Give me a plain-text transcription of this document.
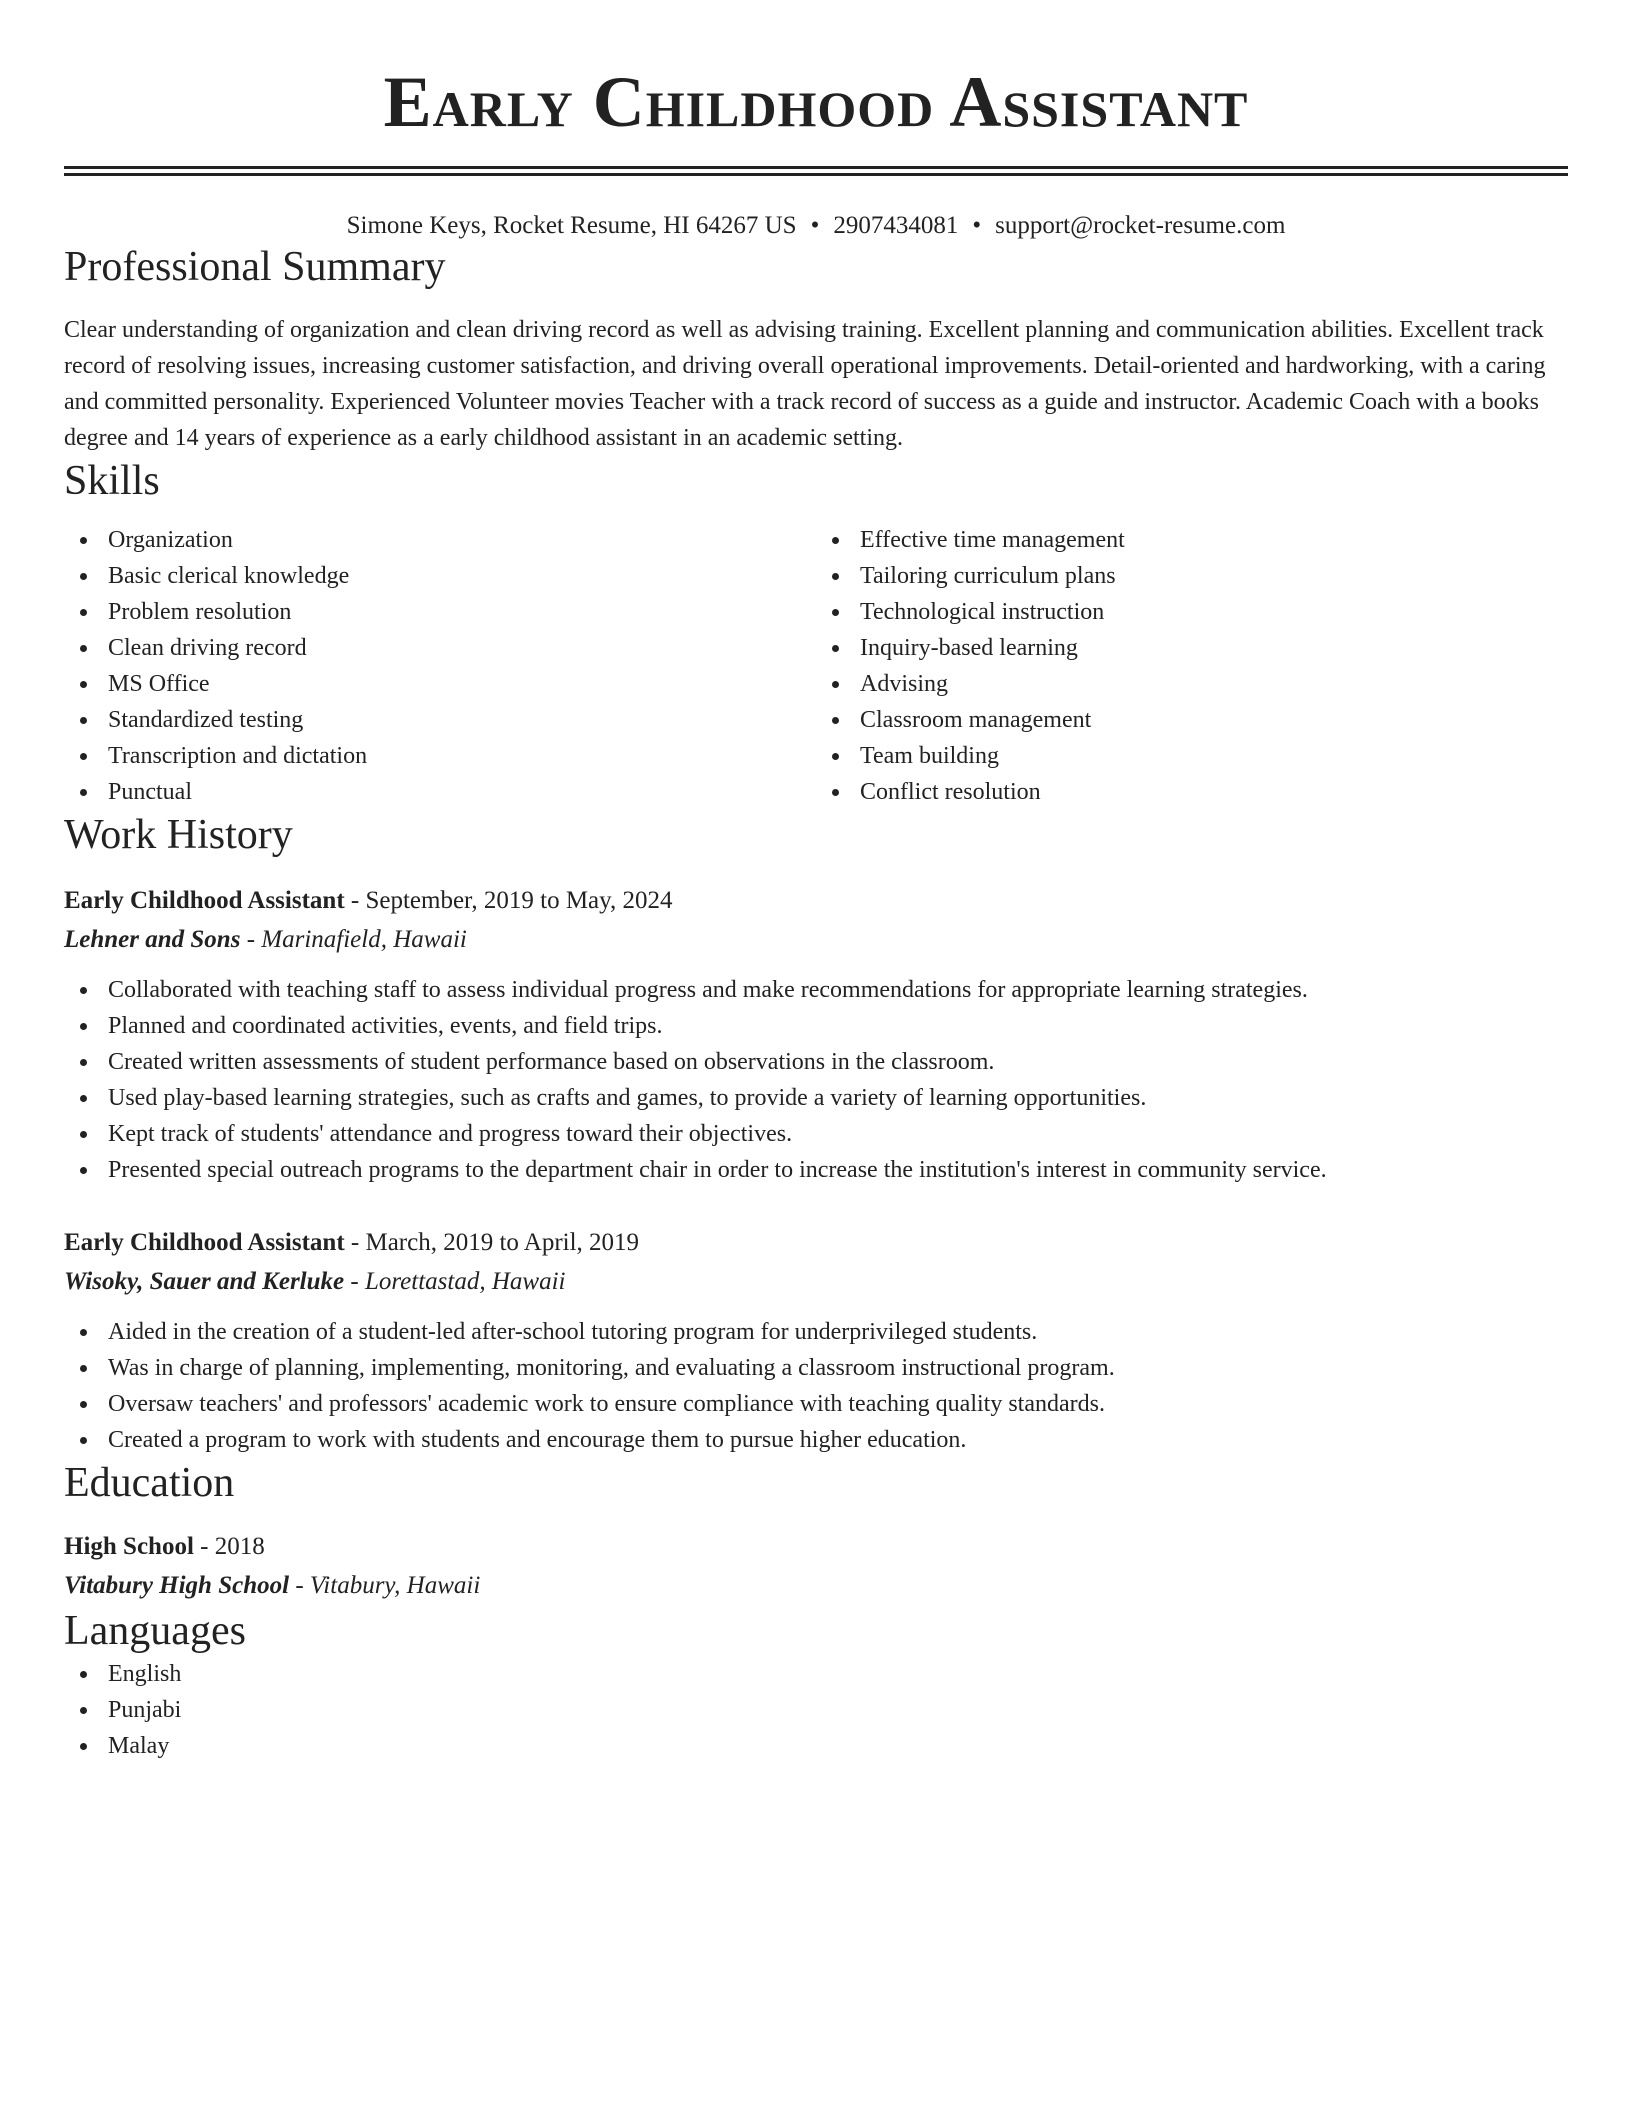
Early Childhood Assistant
Simone Keys, Rocket Resume, HI 64267 US • 2907434081 • support@rocket-resume.com
Professional Summary
Clear understanding of organization and clean driving record as well as advising training. Excellent planning and communication abilities. Excellent track record of resolving issues, increasing customer satisfaction, and driving overall operational improvements. Detail-oriented and hardworking, with a caring and committed personality. Experienced Volunteer movies Teacher with a track record of success as a guide and instructor. Academic Coach with a books degree and 14 years of experience as a early childhood assistant in an academic setting.
Skills
Organization
Basic clerical knowledge
Problem resolution
Clean driving record
MS Office
Standardized testing
Transcription and dictation
Punctual
Effective time management
Tailoring curriculum plans
Technological instruction
Inquiry-based learning
Advising
Classroom management
Team building
Conflict resolution
Work History
Early Childhood Assistant - September, 2019 to May, 2024
Lehner and Sons - Marinafield, Hawaii
Collaborated with teaching staff to assess individual progress and make recommendations for appropriate learning strategies.
Planned and coordinated activities, events, and field trips.
Created written assessments of student performance based on observations in the classroom.
Used play-based learning strategies, such as crafts and games, to provide a variety of learning opportunities.
Kept track of students' attendance and progress toward their objectives.
Presented special outreach programs to the department chair in order to increase the institution's interest in community service.
Early Childhood Assistant - March, 2019 to April, 2019
Wisoky, Sauer and Kerluke - Lorettastad, Hawaii
Aided in the creation of a student-led after-school tutoring program for underprivileged students.
Was in charge of planning, implementing, monitoring, and evaluating a classroom instructional program.
Oversaw teachers' and professors' academic work to ensure compliance with teaching quality standards.
Created a program to work with students and encourage them to pursue higher education.
Education
High School - 2018
Vitabury High School - Vitabury, Hawaii
Languages
English
Punjabi
Malay
